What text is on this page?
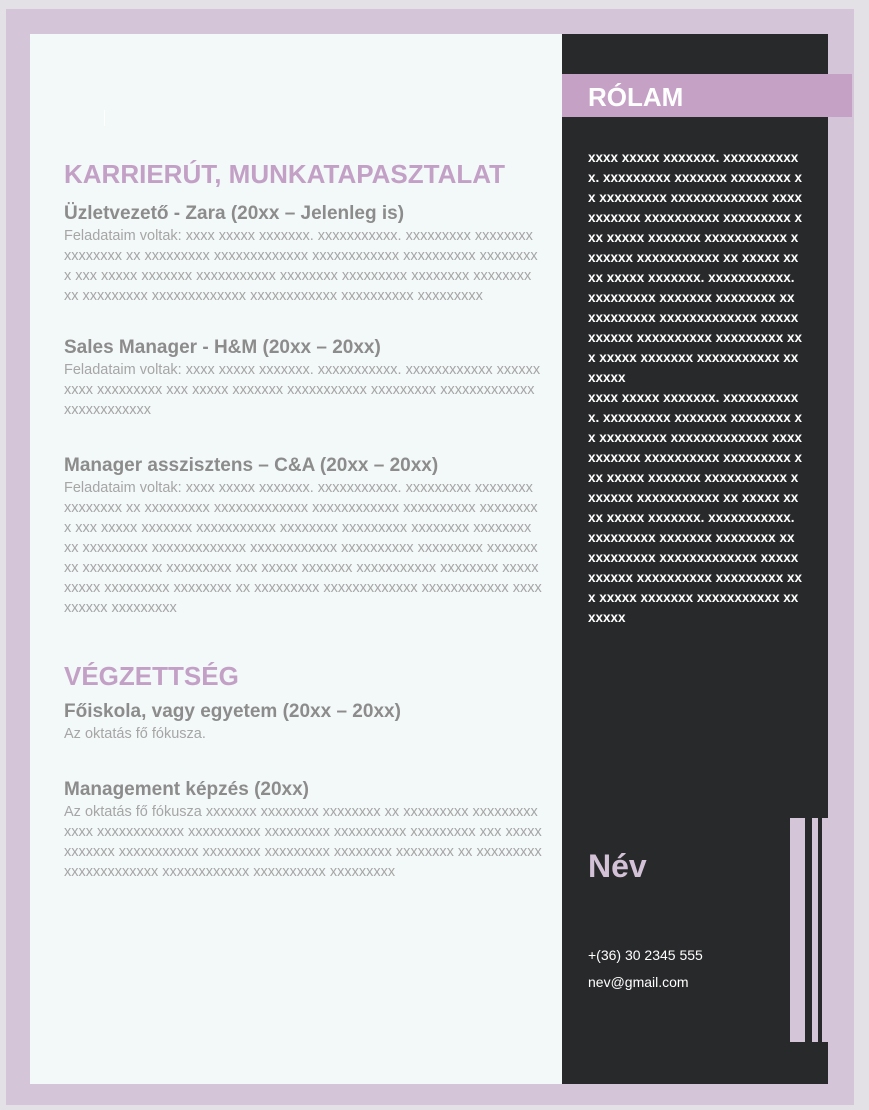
RÓLAM

xxxx xxxxx xxxxxxx. xxxxxxxxxxx. xxxxxxxxx xxxxxxx xxxxxxxx xx xxxxxxxxx xxxxxxxxxxxxx xxxxxxxxxxx xxxxxxxxxx xxxxxxxxx xxx xxxxx xxxxxxx xxxxxxxxxxx xxxxxxx xxxxxxxxxxx xx xxxxx xxxx xxxxx xxxxxxx. xxxxxxxxxxx. xxxxxxxxx xxxxxxx xxxxxxxx xx xxxxxxxxx xxxxxxxxxxxxx xxxxxxxxxxx xxxxxxxxxx xxxxxxxxx xxx xxxxx xxxxxxx xxxxxxxxxxx xxxxxxx

xxxx xxxxx xxxxxxx. xxxxxxxxxxx. xxxxxxxxx xxxxxxx xxxxxxxx xx xxxxxxxxx xxxxxxxxxxxxx xxxxxxxxxxx xxxxxxxxxx xxxxxxxxx xxx xxxxx xxxxxxx xxxxxxxxxxx xxxxxxx xxxxxxxxxxx xx xxxxx xxxx xxxxx xxxxxxx. xxxxxxxxxxx. xxxxxxxxx xxxxxxx xxxxxxxx xx xxxxxxxxx xxxxxxxxxxxxx xxxxxxxxxxx xxxxxxxxxx xxxxxxxxx xxx xxxxx xxxxxxx xxxxxxxxxxx xxxxxxx

Név

+(36) 30 2345 555

nev@gmail.com

KARRIERÚT, MUNKATAPASZTALAT
Üzletvezető - Zara (20xx – Jelenleg is)

Feladataim voltak: xxxx xxxxx xxxxxxx. xxxxxxxxxxx. xxxxxxxxx xxxxxxxx xxxxxxxx xx xxxxxxxxx xxxxxxxxxxxxx xxxxxxxxxxxx xxxxxxxxxx xxxxxxxxx xxx xxxxx xxxxxxx xxxxxxxxxxx xxxxxxxx xxxxxxxxx xxxxxxxx xxxxxxxx xx xxxxxxxxx xxxxxxxxxxxxx xxxxxxxxxxxx xxxxxxxxxx xxxxxxxxx

Sales Manager - H&M (20xx – 20xx)

Feladataim voltak: xxxx xxxxx xxxxxxx. xxxxxxxxxxx. xxxxxxxxxxxx xxxxxxxxxx xxxxxxxxx xxx xxxxx xxxxxxx xxxxxxxxxxx xxxxxxxxx xxxxxxxxxxxxx xxxxxxxxxxxx

Manager asszisztens – C&A (20xx – 20xx)

Feladataim voltak: xxxx xxxxx xxxxxxx. xxxxxxxxxxx. xxxxxxxxx xxxxxxxx xxxxxxxx xx xxxxxxxxx xxxxxxxxxxxxx xxxxxxxxxxxx xxxxxxxxxx xxxxxxxxx xxx xxxxx xxxxxxx xxxxxxxxxxx xxxxxxxx xxxxxxxxx xxxxxxxx xxxxxxxx xx xxxxxxxxx xxxxxxxxxxxxx xxxxxxxxxxxx xxxxxxxxxx xxxxxxxxx xxxxxxxxx xxxxxxxxxxx xxxxxxxxx xxx xxxxx xxxxxxx xxxxxxxxxxx xxxxxxxx xxxxxxxxxx xxxxxxxxx xxxxxxxx xx xxxxxxxxx xxxxxxxxxxxxx xxxxxxxxxxxx xxxxxxxxxx xxxxxxxxx

VÉGZETTSÉG
Főiskola, vagy egyetem (20xx – 20xx)

Az oktatás fő fókusza.

Management képzés (20xx)

Az oktatás fő fókusza xxxxxxx xxxxxxxx xxxxxxxx xx xxxxxxxxx xxxxxxxxxxxxx xxxxxxxxxxxx xxxxxxxxxx xxxxxxxxx xxxxxxxxxx xxxxxxxxx xxx xxxxx xxxxxxx xxxxxxxxxxx xxxxxxxx xxxxxxxxx xxxxxxxx xxxxxxxx xx xxxxxxxxx xxxxxxxxxxxxx xxxxxxxxxxxx xxxxxxxxxx xxxxxxxxx
